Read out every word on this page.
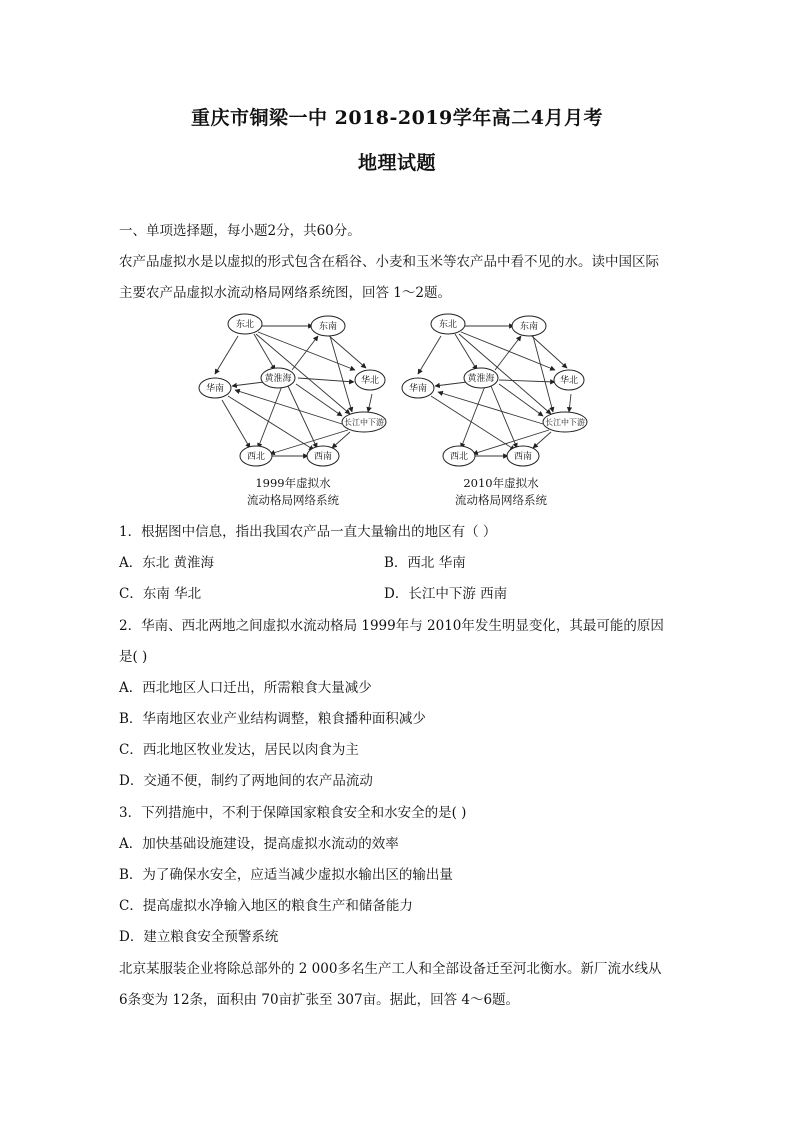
重庆市铜梁一中 2018-2019学年高二4月月考
地理试题
一、单项选择题，每小题2分，共60分。
农产品虚拟水是以虚拟的形式包含在稻谷、小麦和玉米等农产品中看不见的水。读中国区际
主要农产品虚拟水流动格局网络系统图，回答 1～2题。
东北	东南
黄淮海	华北
华南
长江中下游
西北	西南
东北	东南
黄淮海	华北
华南
长江中下游
西北	西南
1999年虚拟水
流动格局网络系统
2010年虚拟水
流动格局网络系统
1．根据图中信息，指出我国农产品一直大量输出的地区有（ ）
A．东北 黄淮海	B．西北 华南
C．东南 华北	D．长江中下游 西南
2．华南、西北两地之间虚拟水流动格局 1999年与 2010年发生明显变化，其最可能的原因
是( )
A．西北地区人口迁出，所需粮食大量减少
B．华南地区农业产业结构调整，粮食播种面积减少
C．西北地区牧业发达，居民以肉食为主
D．交通不便，制约了两地间的农产品流动
3．下列措施中，不利于保障国家粮食安全和水安全的是( )
A．加快基础设施建设，提高虚拟水流动的效率
B．为了确保水安全，应适当减少虚拟水输出区的输出量
C．提高虚拟水净输入地区的粮食生产和储备能力
D．建立粮食安全预警系统
北京某服装企业将除总部外的 2 000多名生产工人和全部设备迁至河北衡水。新厂流水线从
6条变为 12条，面积由 70亩扩张至 307亩。据此，回答 4～6题。
